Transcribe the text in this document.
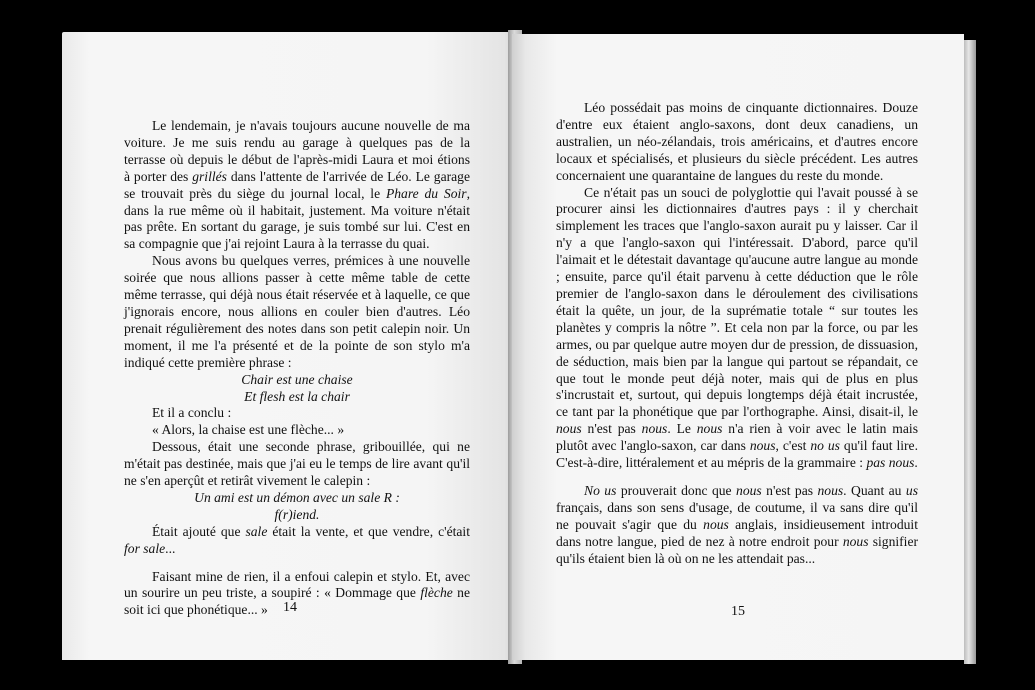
Le lendemain, je n'avais toujours aucune nouvelle de ma voiture. Je me suis rendu au garage à quelques pas de la terrasse où depuis le début de l'après-midi Laura et moi étions à porter des grillés dans l'attente de l'arrivée de Léo. Le garage se trouvait près du siège du journal local, le Phare du Soir, dans la rue même où il habitait, justement. Ma voiture n'était pas prête. En sortant du garage, je suis tombé sur lui. C'est en sa compagnie que j'ai rejoint Laura à la terrasse du quai.

Nous avons bu quelques verres, prémices à une nouvelle soirée que nous allions passer à cette même table de cette même terrasse, qui déjà nous était réservée et à laquelle, ce que j'ignorais encore, nous allions en couler bien d'autres. Léo prenait régulièrement des notes dans son petit calepin noir. Un moment, il me l'a présenté et de la pointe de son stylo m'a indiqué cette première phrase :

Chair est une chaise

Et flesh est la chair

Et il a conclu :

« Alors, la chaise est une flèche... »

Dessous, était une seconde phrase, gribouillée, qui ne m'était pas destinée, mais que j'ai eu le temps de lire avant qu'il ne s'en aperçût et retirât vivement le calepin :

Un ami est un démon avec un sale R :

f(r)iend.

Était ajouté que sale était la vente, et que vendre, c'était for sale...

Faisant mine de rien, il a enfoui calepin et stylo. Et, avec un sourire un peu triste, a soupiré : « Dommage que flèche ne soit ici que phonétique... »	14

Léo possédait pas moins de cinquante dictionnaires. Douze d'entre eux étaient anglo-saxons, dont deux canadiens, un australien, un néo-zélandais, trois américains, et d'autres encore locaux et spécialisés, et plusieurs du siècle précédent. Les autres concernaient une quarantaine de langues du reste du monde.

Ce n'était pas un souci de polyglottie qui l'avait poussé à se procurer ainsi les dictionnaires d'autres pays : il y cherchait simplement les traces que l'anglo-saxon aurait pu y laisser. Car il n'y a que l'anglo-saxon qui l'intéressait. D'abord, parce qu'il l'aimait et le détestait davantage qu'aucune autre langue au monde ; ensuite, parce qu'il était parvenu à cette déduction que le rôle premier de l'anglo-saxon dans le déroulement des civilisations était la quête, un jour, de la suprématie totale “ sur toutes les planètes y compris la nôtre ”. Et cela non par la force, ou par les armes, ou par quelque autre moyen dur de pression, de dissuasion, de séduction, mais bien par la langue qui partout se répandait, ce que tout le monde peut déjà noter, mais qui de plus en plus s'incrustait et, surtout, qui depuis longtemps déjà était incrustée, ce tant par la phonétique que par l'orthographe. Ainsi, disait-il, le nous n'est pas nous. Le nous n'a rien à voir avec le latin mais plutôt avec l'anglo-saxon, car dans nous, c'est no us qu'il faut lire. C'est-à-dire, littéralement et au mépris de la grammaire : pas nous.

No us prouverait donc que nous n'est pas nous. Quant au us français, dans son sens d'usage, de coutume, il va sans dire qu'il ne pouvait s'agir que du nous anglais, insidieusement introduit dans notre langue, pied de nez à notre endroit pour nous signifier qu'ils étaient bien là où on ne les attendait pas...

15
